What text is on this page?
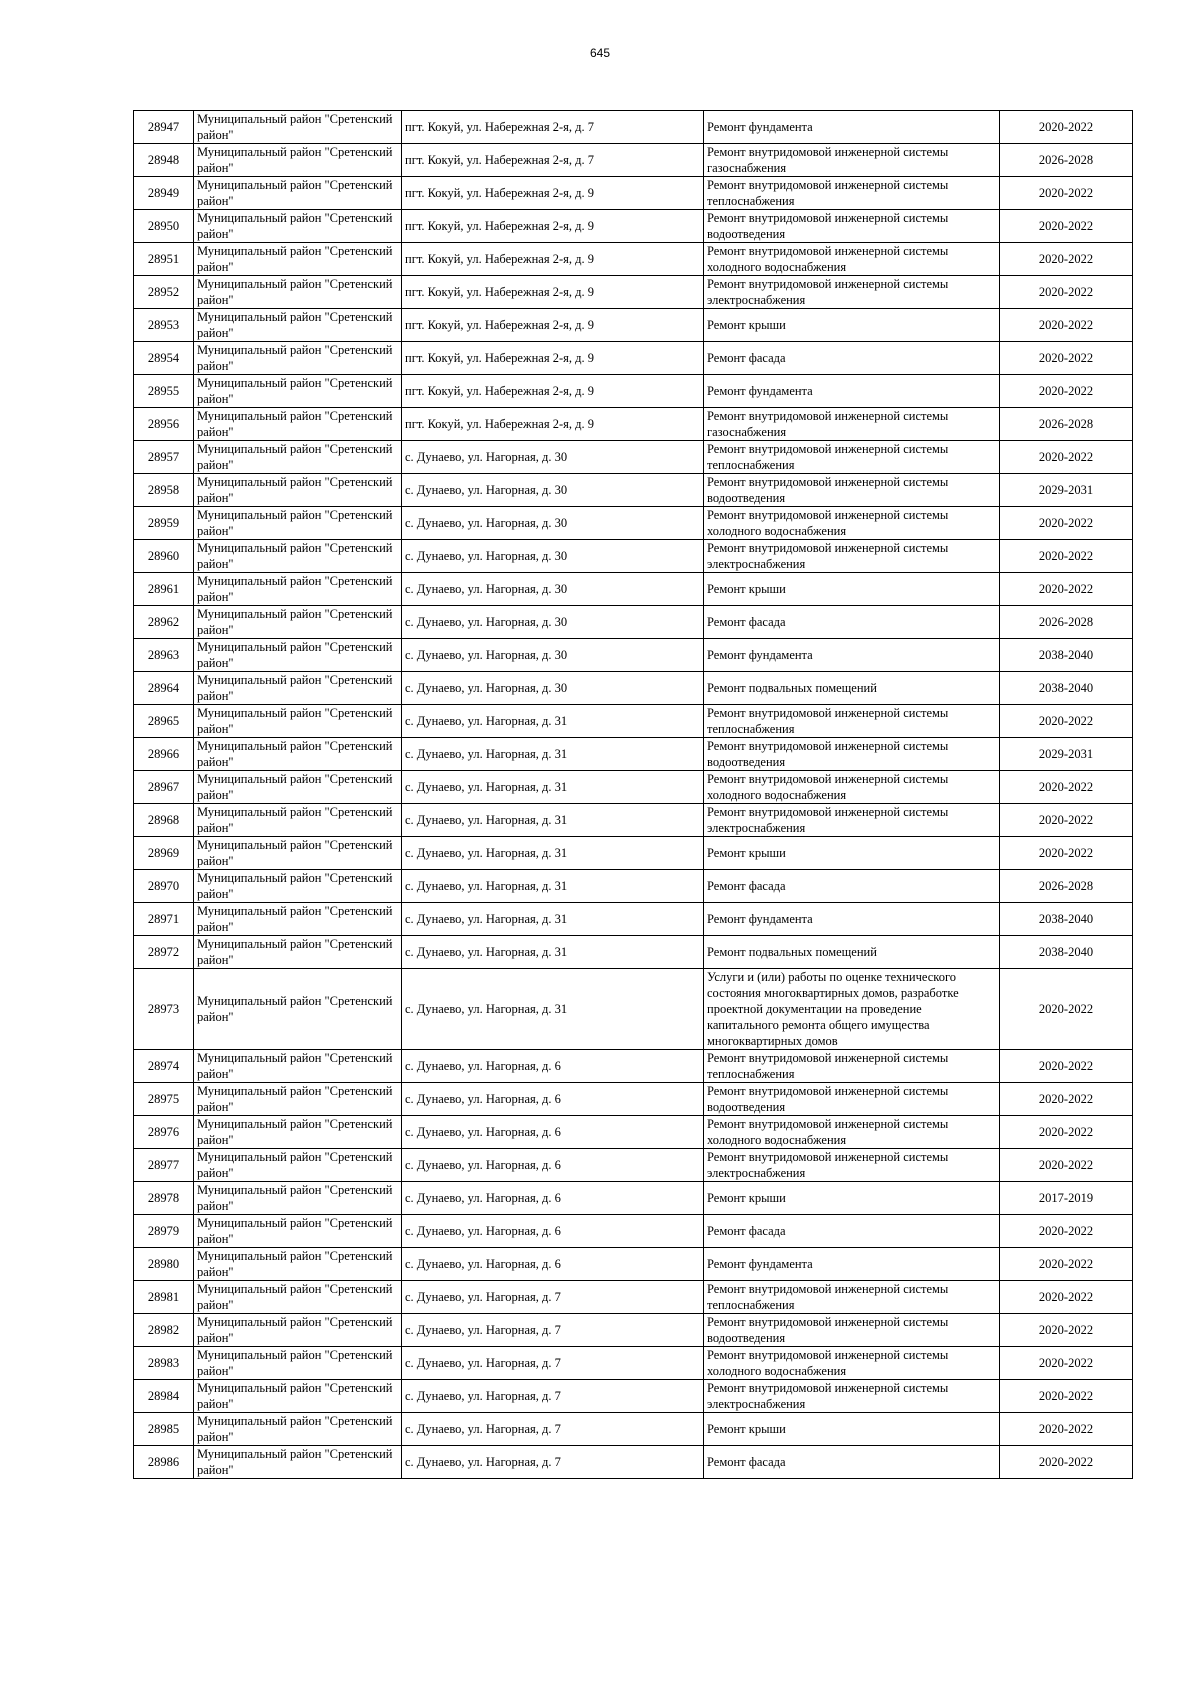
645
28947	Муниципальный район "Сретенский район"	пгт. Кокуй, ул. Набережная 2-я, д. 7	Ремонт фундамента	2020-2022
28948	Муниципальный район "Сретенский район"	пгт. Кокуй, ул. Набережная 2-я, д. 7	Ремонт внутридомовой инженерной системы газоснабжения	2026-2028
28949	Муниципальный район "Сретенский район"	пгт. Кокуй, ул. Набережная 2-я, д. 9	Ремонт внутридомовой инженерной системы теплоснабжения	2020-2022
28950	Муниципальный район "Сретенский район"	пгт. Кокуй, ул. Набережная 2-я, д. 9	Ремонт внутридомовой инженерной системы водоотведения	2020-2022
28951	Муниципальный район "Сретенский район"	пгт. Кокуй, ул. Набережная 2-я, д. 9	Ремонт внутридомовой инженерной системы холодного водоснабжения	2020-2022
28952	Муниципальный район "Сретенский район"	пгт. Кокуй, ул. Набережная 2-я, д. 9	Ремонт внутридомовой инженерной системы электроснабжения	2020-2022
28953	Муниципальный район "Сретенский район"	пгт. Кокуй, ул. Набережная 2-я, д. 9	Ремонт крыши	2020-2022
28954	Муниципальный район "Сретенский район"	пгт. Кокуй, ул. Набережная 2-я, д. 9	Ремонт фасада	2020-2022
28955	Муниципальный район "Сретенский район"	пгт. Кокуй, ул. Набережная 2-я, д. 9	Ремонт фундамента	2020-2022
28956	Муниципальный район "Сретенский район"	пгт. Кокуй, ул. Набережная 2-я, д. 9	Ремонт внутридомовой инженерной системы газоснабжения	2026-2028
28957	Муниципальный район "Сретенский район"	с. Дунаево, ул. Нагорная, д. 30	Ремонт внутридомовой инженерной системы теплоснабжения	2020-2022
28958	Муниципальный район "Сретенский район"	с. Дунаево, ул. Нагорная, д. 30	Ремонт внутридомовой инженерной системы водоотведения	2029-2031
28959	Муниципальный район "Сретенский район"	с. Дунаево, ул. Нагорная, д. 30	Ремонт внутридомовой инженерной системы холодного водоснабжения	2020-2022
28960	Муниципальный район "Сретенский район"	с. Дунаево, ул. Нагорная, д. 30	Ремонт внутридомовой инженерной системы электроснабжения	2020-2022
28961	Муниципальный район "Сретенский район"	с. Дунаево, ул. Нагорная, д. 30	Ремонт крыши	2020-2022
28962	Муниципальный район "Сретенский район"	с. Дунаево, ул. Нагорная, д. 30	Ремонт фасада	2026-2028
28963	Муниципальный район "Сретенский район"	с. Дунаево, ул. Нагорная, д. 30	Ремонт фундамента	2038-2040
28964	Муниципальный район "Сретенский район"	с. Дунаево, ул. Нагорная, д. 30	Ремонт подвальных помещений	2038-2040
28965	Муниципальный район "Сретенский район"	с. Дунаево, ул. Нагорная, д. 31	Ремонт внутридомовой инженерной системы теплоснабжения	2020-2022
28966	Муниципальный район "Сретенский район"	с. Дунаево, ул. Нагорная, д. 31	Ремонт внутридомовой инженерной системы водоотведения	2029-2031
28967	Муниципальный район "Сретенский район"	с. Дунаево, ул. Нагорная, д. 31	Ремонт внутридомовой инженерной системы холодного водоснабжения	2020-2022
28968	Муниципальный район "Сретенский район"	с. Дунаево, ул. Нагорная, д. 31	Ремонт внутридомовой инженерной системы электроснабжения	2020-2022
28969	Муниципальный район "Сретенский район"	с. Дунаево, ул. Нагорная, д. 31	Ремонт крыши	2020-2022
28970	Муниципальный район "Сретенский район"	с. Дунаево, ул. Нагорная, д. 31	Ремонт фасада	2026-2028
28971	Муниципальный район "Сретенский район"	с. Дунаево, ул. Нагорная, д. 31	Ремонт фундамента	2038-2040
28972	Муниципальный район "Сретенский район"	с. Дунаево, ул. Нагорная, д. 31	Ремонт подвальных помещений	2038-2040
28973	Муниципальный район "Сретенский район"	с. Дунаево, ул. Нагорная, д. 31	Услуги и (или) работы по оценке технического состояния многоквартирных домов, разработке проектной документации на проведение капитального ремонта общего имущества многоквартирных домов	2020-2022
28974	Муниципальный район "Сретенский район"	с. Дунаево, ул. Нагорная, д. 6	Ремонт внутридомовой инженерной системы теплоснабжения	2020-2022
28975	Муниципальный район "Сретенский район"	с. Дунаево, ул. Нагорная, д. 6	Ремонт внутридомовой инженерной системы водоотведения	2020-2022
28976	Муниципальный район "Сретенский район"	с. Дунаево, ул. Нагорная, д. 6	Ремонт внутридомовой инженерной системы холодного водоснабжения	2020-2022
28977	Муниципальный район "Сретенский район"	с. Дунаево, ул. Нагорная, д. 6	Ремонт внутридомовой инженерной системы электроснабжения	2020-2022
28978	Муниципальный район "Сретенский район"	с. Дунаево, ул. Нагорная, д. 6	Ремонт крыши	2017-2019
28979	Муниципальный район "Сретенский район"	с. Дунаево, ул. Нагорная, д. 6	Ремонт фасада	2020-2022
28980	Муниципальный район "Сретенский район"	с. Дунаево, ул. Нагорная, д. 6	Ремонт фундамента	2020-2022
28981	Муниципальный район "Сретенский район"	с. Дунаево, ул. Нагорная, д. 7	Ремонт внутридомовой инженерной системы теплоснабжения	2020-2022
28982	Муниципальный район "Сретенский район"	с. Дунаево, ул. Нагорная, д. 7	Ремонт внутридомовой инженерной системы водоотведения	2020-2022
28983	Муниципальный район "Сретенский район"	с. Дунаево, ул. Нагорная, д. 7	Ремонт внутридомовой инженерной системы холодного водоснабжения	2020-2022
28984	Муниципальный район "Сретенский район"	с. Дунаево, ул. Нагорная, д. 7	Ремонт внутридомовой инженерной системы электроснабжения	2020-2022
28985	Муниципальный район "Сретенский район"	с. Дунаево, ул. Нагорная, д. 7	Ремонт крыши	2020-2022
28986	Муниципальный район "Сретенский район"	с. Дунаево, ул. Нагорная, д. 7	Ремонт фасада	2020-2022
